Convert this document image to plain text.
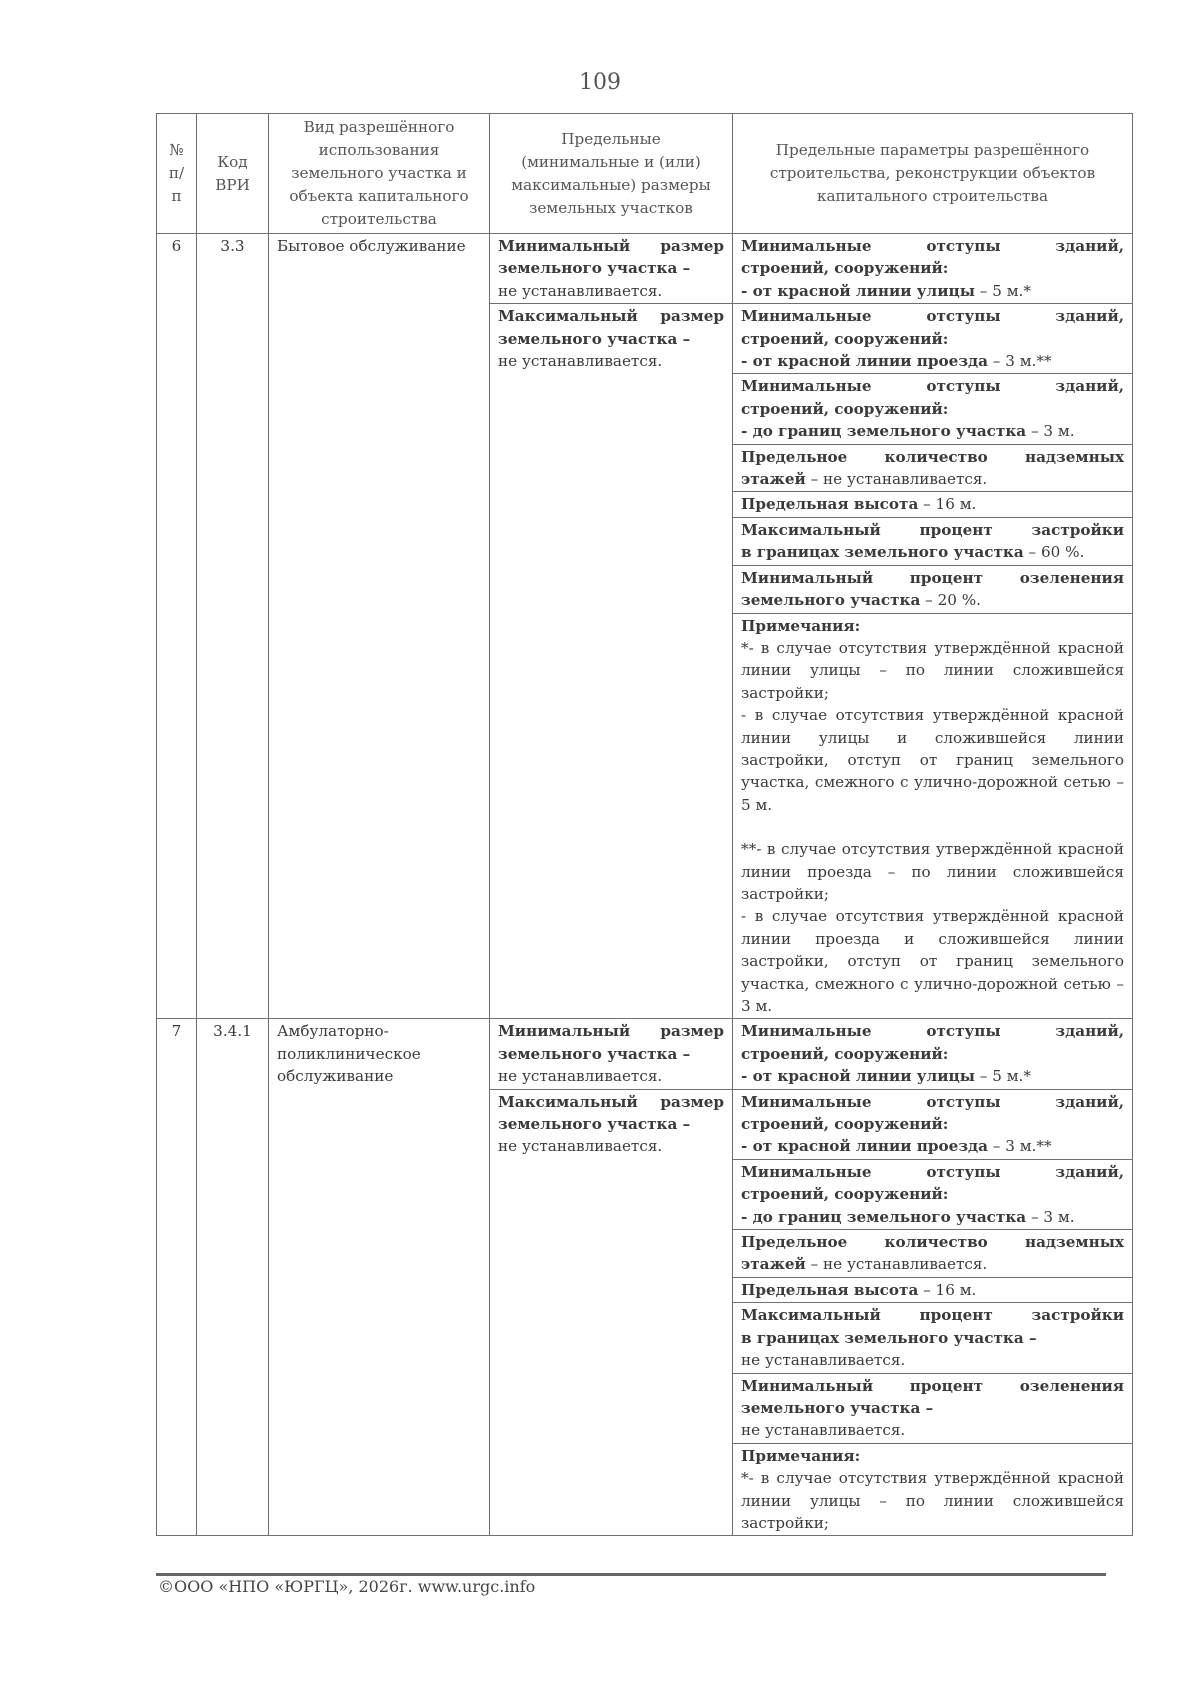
109
№ п/п	Код ВРИ	Вид разрешённого использования земельного участка и объекта капитального строительства	Предельные (минимальные и (или) максимальные) размеры земельных участков	Предельные параметры разрешённого строительства, реконструкции объектов капитального строительства
6	3.3	Бытовое обслуживание	Минимальный размер земельного участка –
не устанавливается.	Минимальные отступы зданий,
строений, сооружений:
- от красной линии улицы – 5 м.*
			Максимальный размер земельного участка –
не устанавливается.	Минимальные отступы зданий,
строений, сооружений:
- от красной линии проезда – 3 м.**

				Минимальные отступы зданий,
строений, сооружений:
- до границ земельного участка – 3 м.

				Предельное количество надземных
этажей – не устанавливается.
				Предельная высота – 16 м.

				Максимальный процент застройки
в границах земельного участка – 60 %.

				Минимальный процент озеленения
земельного участка – 20 %.

				Примечания:
*- в случае отсутствия утверждённой красной линии улицы – по линии сложившейся застройки;
- в случае отсутствия утверждённой красной линии улицы и сложившейся линии застройки, отступ от границ земельного участка, смежного с улично-дорожной сетью – 5 м.
**- в случае отсутствия утверждённой красной линии проезда – по линии сложившейся застройки;
- в случае отсутствия утверждённой красной линии проезда и сложившейся линии застройки, отступ от границ земельного участка, смежного с улично-дорожной сетью – 3 м.

7	3.4.1	Амбулаторно-поликлиническое обслуживание	Минимальный размер земельного участка –
не устанавливается.	Минимальные отступы зданий,
строений, сооружений:
- от красной линии улицы – 5 м.*
			Максимальный размер земельного участка –
не устанавливается.	Минимальные отступы зданий,
строений, сооружений:
- от красной линии проезда – 3 м.**

				Минимальные отступы зданий,
строений, сооружений:
- до границ земельного участка – 3 м.

				Предельное количество надземных
этажей – не устанавливается.
				Предельная высота – 16 м.

				Максимальный процент застройки
в границах земельного участка –
не устанавливается.

				Минимальный процент озеленения
земельного участка –
не устанавливается.

				Примечания:
*- в случае отсутствия утверждённой красной линии улицы – по линии сложившейся застройки;
©ООО «НПО «ЮРГЦ», 2026г. www.urgc.info
